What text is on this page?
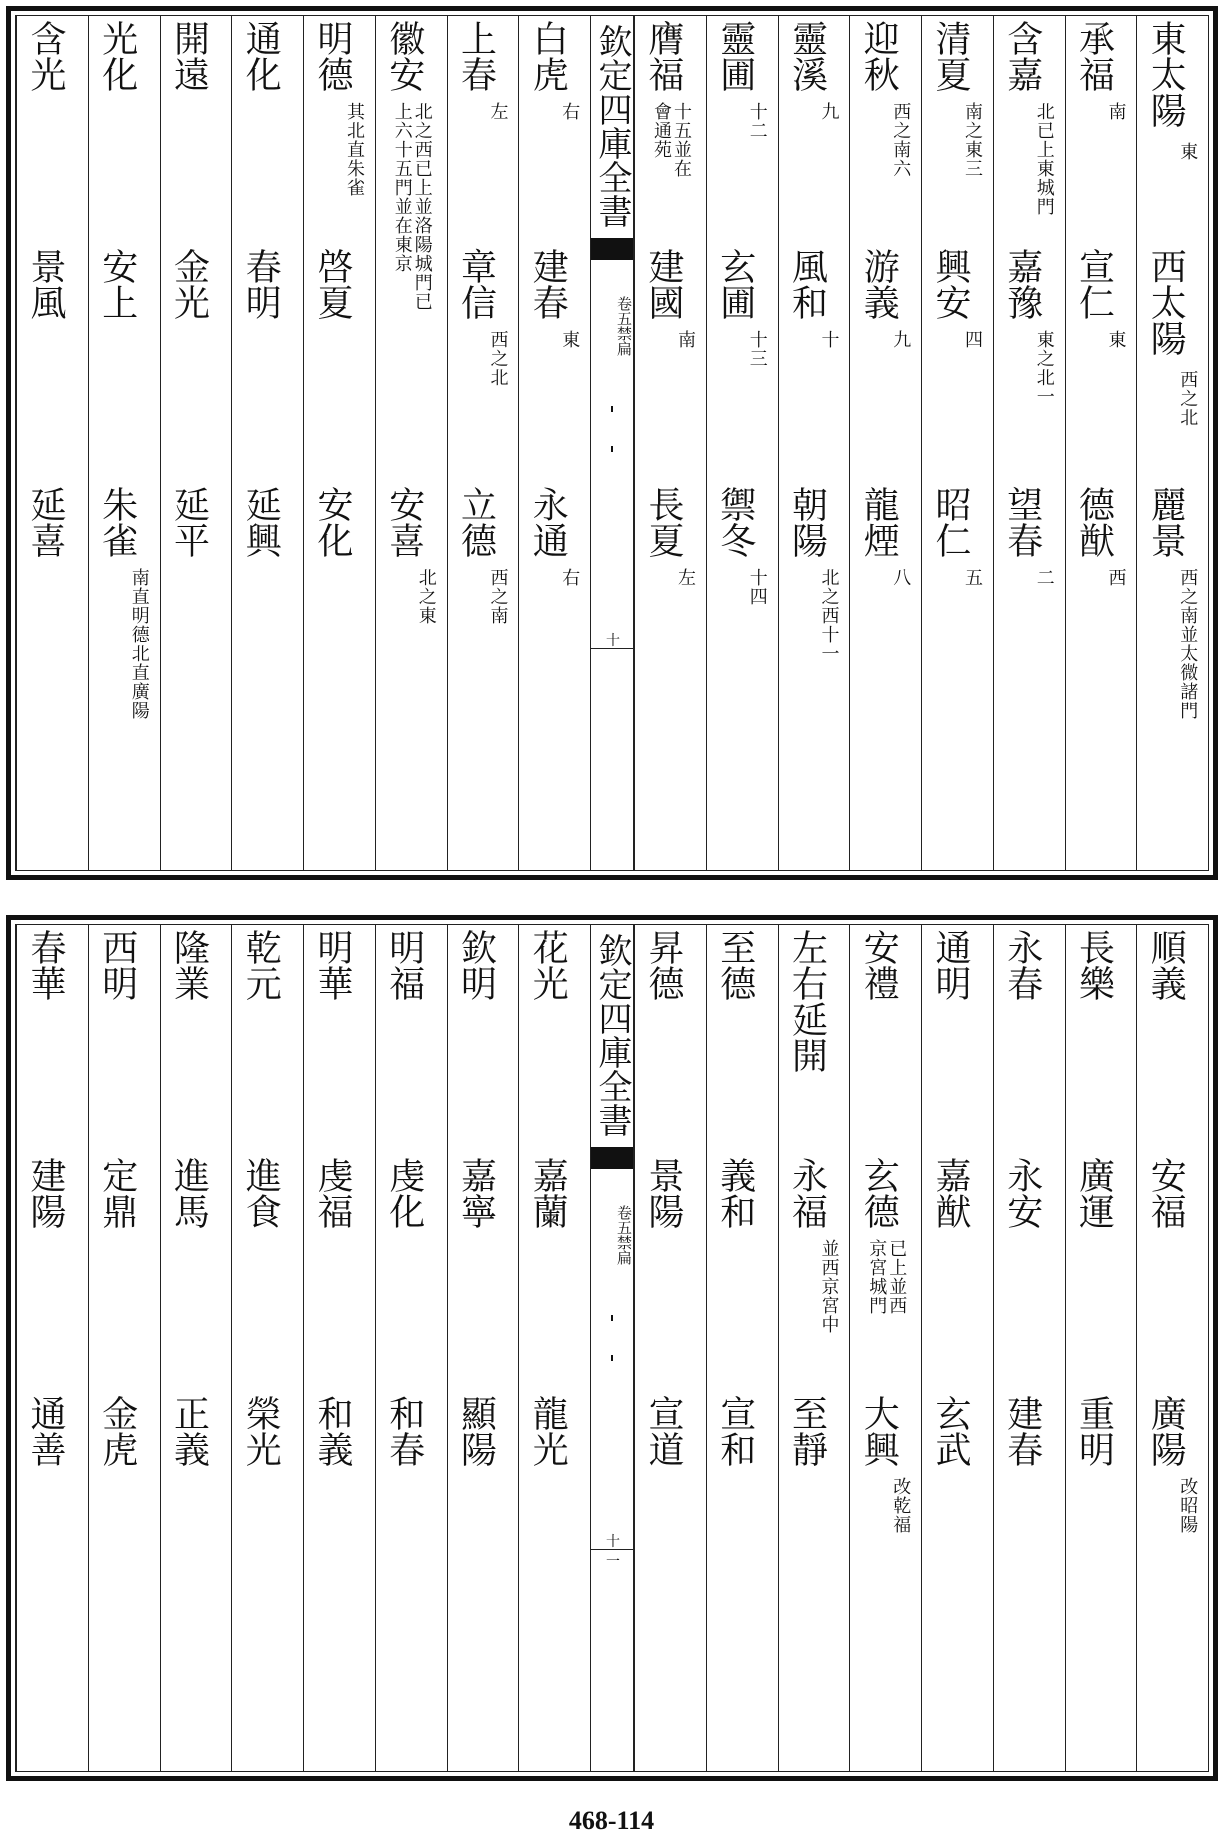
東太陽
東
西太陽
西之北
麗景
西之南並太微諸門
承福
南
宣仁
東
德猷
西
含嘉
北已上東城門
嘉豫
東之北一
望春
二
清夏
南之東三
興安
四
昭仁
五
迎秋
西之南六
游義
九
龍煙
八
靈溪
九
風和
十
朝陽
北之西十一
靈圃
十二
玄圃
十三
禦冬
十四
膺福
十五並在會通苑
建國
南
長夏
左
白虎
右
建春
東
永通
右
上春
左
章信
西之北
立德
西之南
徽安
北之西已上並洛陽城門已上六十五門並在東京
安喜
北之東
明德
其北直朱雀
啓夏
安化
通化
春明
延興
開遠
金光
延平
光化
安上
朱雀
南直明德北直廣陽
含光
景風
延喜
欽定四庫全書
卷五禁扁
十
順義
安福
廣陽
改昭陽
長樂
廣運
重明
永春
永安
建春
通明
嘉猷
玄武
安禮
玄德
已上並西京宮城門
大興
改乾福
左右延開
永福
並西京宮中
至靜
至德
義和
宣和
昇德
景陽
宣道
花光
嘉蘭
龍光
欽明
嘉寧
顯陽
明福
虔化
和春
明華
虔福
和義
乾元
進食
榮光
隆業
進馬
正義
西明
定鼎
金虎
春華
建陽
通善
欽定四庫全書
卷五禁扁
十一
468-114
